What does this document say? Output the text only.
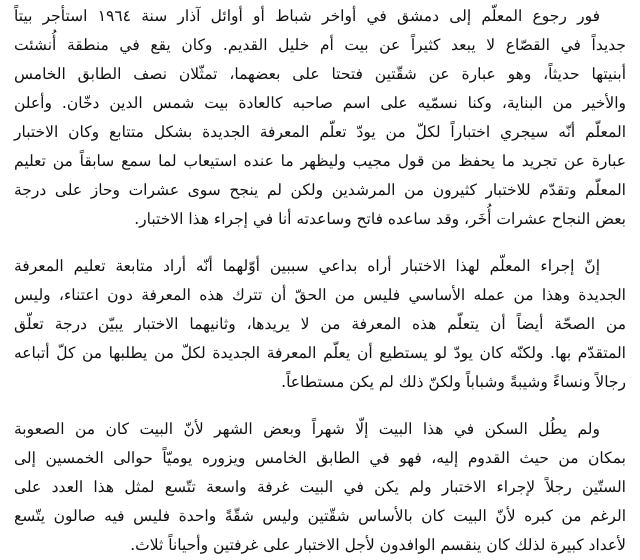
فور رجوع المعلّم إلى دمشق في أواخر شباط أو أوائل آذار سنة ١٩٦٤ استأجر بيتاً
جديداً في القصّاع لا يبعد كثيراً عن بيت أم خليل القديم. وكان يقع في منطقة أُنشئت
أبنيتها حديثاً، وهو عبارة عن شقّتين فتحتا على بعضهما، تمثّلان نصف الطابق الخامس
والأخير من البناية، وكنا نسمّيه على اسم صاحبه كالعادة بيت شمس الدين دخّان. وأعلن
المعلّم أنّه سيجري اختباراً لكلّ من يودّ تعلّم المعرفة الجديدة بشكل متتابع وكان الاختبار
عبارة عن تجريد ما يحفظ من قول مجيب وليظهر ما عنده استيعاب لما سمع سابقاً من تعليم
المعلّم وتقدّم للاختبار كثيرون من المرشدين ولكن لم ينجح سوى عشرات وحاز على درجة
بعض النجاح عشرات أُخَر، وقد ساعده فاتح وساعدته أنا في إجراء هذا الاختبار.
إنّ إجراء المعلّم لهذا الاختبار أراه بداعي سببين أوّلهما أنّه أراد متابعة تعليم المعرفة
الجديدة وهذا من عمله الأساسي فليس من الحقّ أن تترك هذه المعرفة دون اعتناء، وليس
من الصحّة أيضاً أن يتعلّم هذه المعرفة من لا يريدها، وثانيهما الاختبار يبيّن درجة تعلّق
المتقدّم بها. ولكنّه كان يودّ لو يستطيع أن يعلّم المعرفة الجديدة لكلّ من يطلبها من كلّ أتباعه
رجالاً ونساءً وشيبةً وشباباً ولكنّ ذلك لم يكن مستطاعاً.
ولم يطُل السكن في هذا البيت إلّا شهراً وبعض الشهر لأنّ البيت كان من الصعوبة
بمكان من حيث القدوم إليه، فهو في الطابق الخامس ويزوره يوميّاً حوالى الخمسين إلى
الستّين رجلاً لإجراء الاختبار ولم يكن في البيت غرفة واسعة تتّسع لمثل هذا العدد على
الرغم من كبره لأنّ البيت كان بالأساس شقّتين وليس شقّةً واحدة فليس فيه صالون يتّسع
لأعداد كبيرة لذلك كان ينقسم الوافدون لأجل الاختبار على غرفتين وأحياناً ثلاث.
